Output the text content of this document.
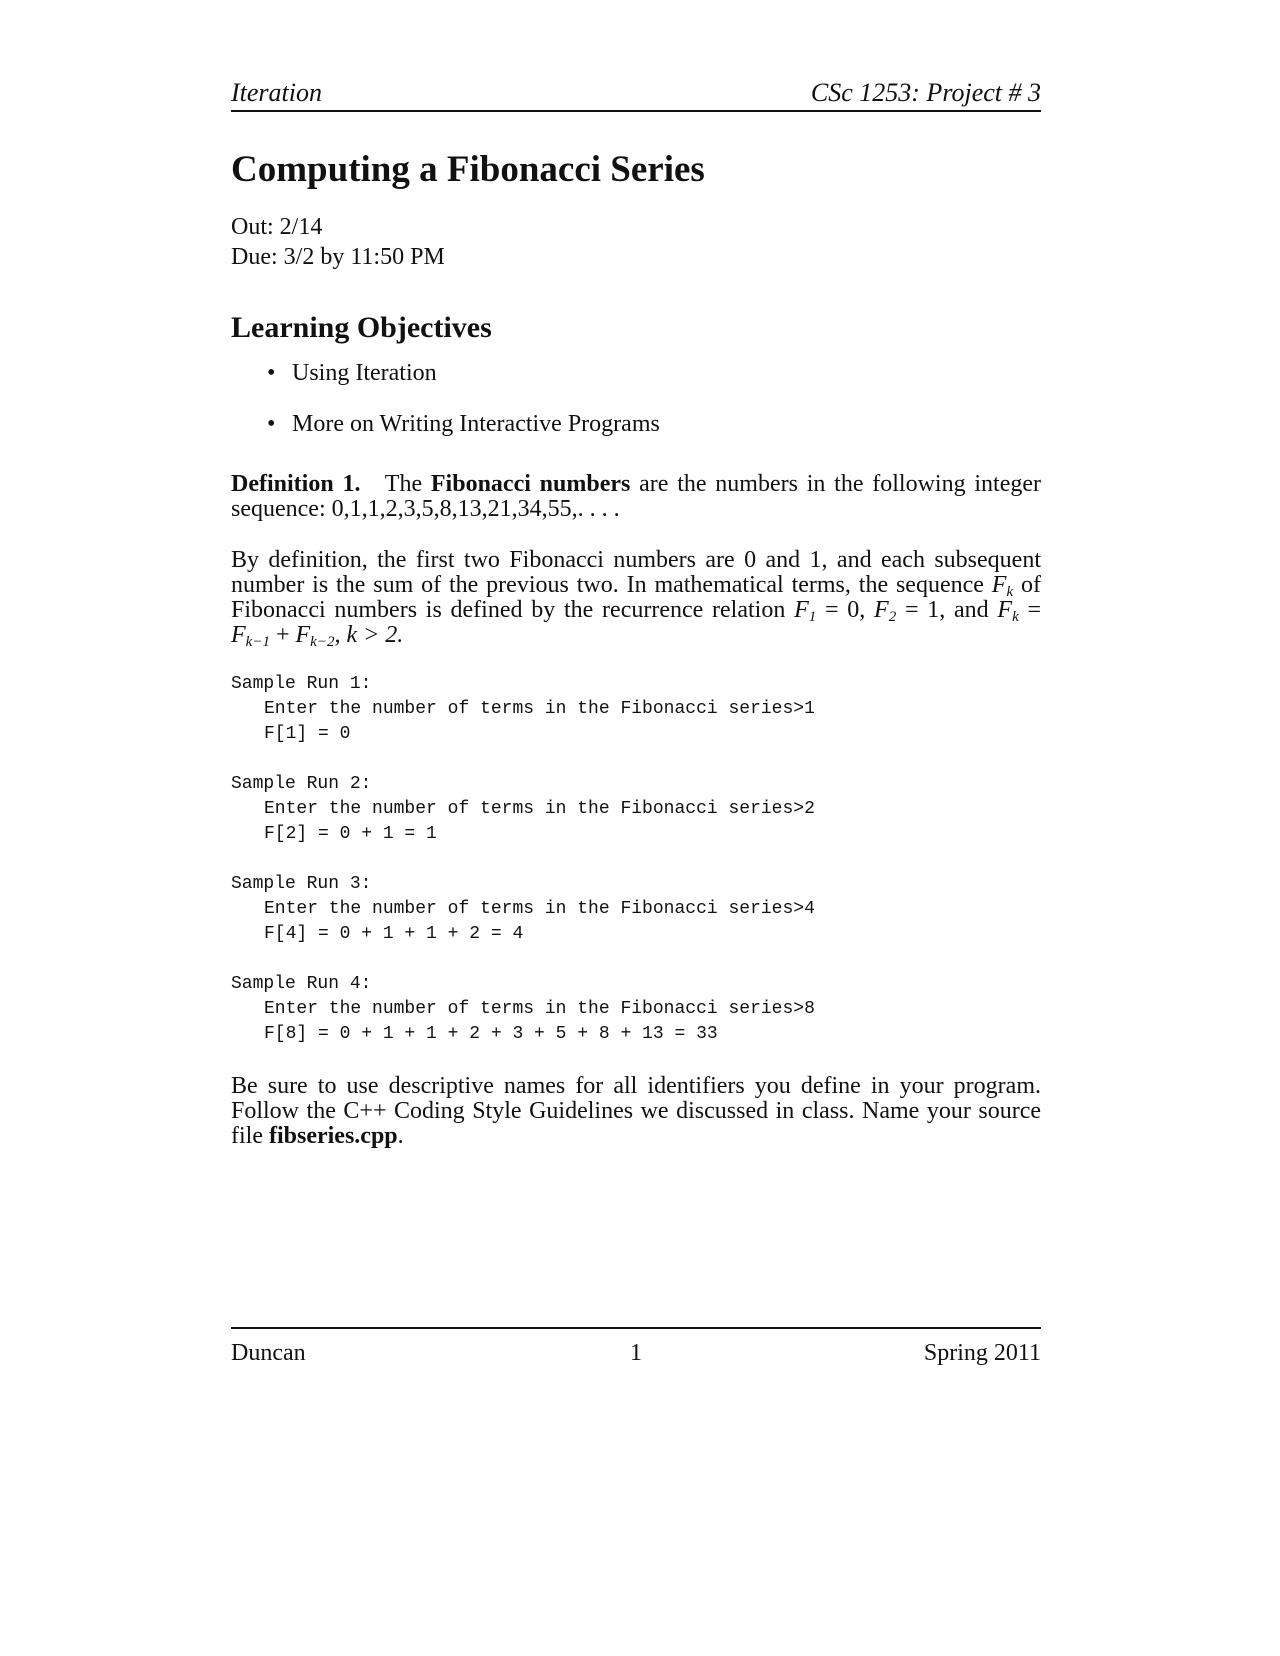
Iteration	CSc 1253: Project # 3
Computing a Fibonacci Series
Out: 2/14
Due: 3/2 by 11:50 PM
Learning Objectives
• Using Iteration
• More on Writing Interactive Programs

Definition 1. The Fibonacci numbers are the numbers in the following integer sequence: 0,1,1,2,3,5,8,13,21,34,55,. . . .

By definition, the first two Fibonacci numbers are 0 and 1, and each subsequent number is the sum of the previous two. In mathematical terms, the sequence $F_k$ of Fibonacci numbers is defined by the recurrence relation $F_1 = 0$, $F_2 = 1$, and $F_k = F_{k-1} + F_{k-2}$, k > 2.

Sample Run 1:
Enter the number of terms in the Fibonacci series>1
F[1] = 0
Sample Run 2:
Enter the number of terms in the Fibonacci series>2
F[2] = 0 + 1 = 1
Sample Run 3:
Enter the number of terms in the Fibonacci series>4
F[4] = 0 + 1 + 1 + 2 = 4
Sample Run 4:
Enter the number of terms in the Fibonacci series>8
F[8] = 0 + 1 + 1 + 2 + 3 + 5 + 8 + 13 = 33

Be sure to use descriptive names for all identifiers you define in your program. Follow the C++ Coding Style Guidelines we discussed in class. Name your source file fibseries.cpp.

Duncan	1	Spring 2011
